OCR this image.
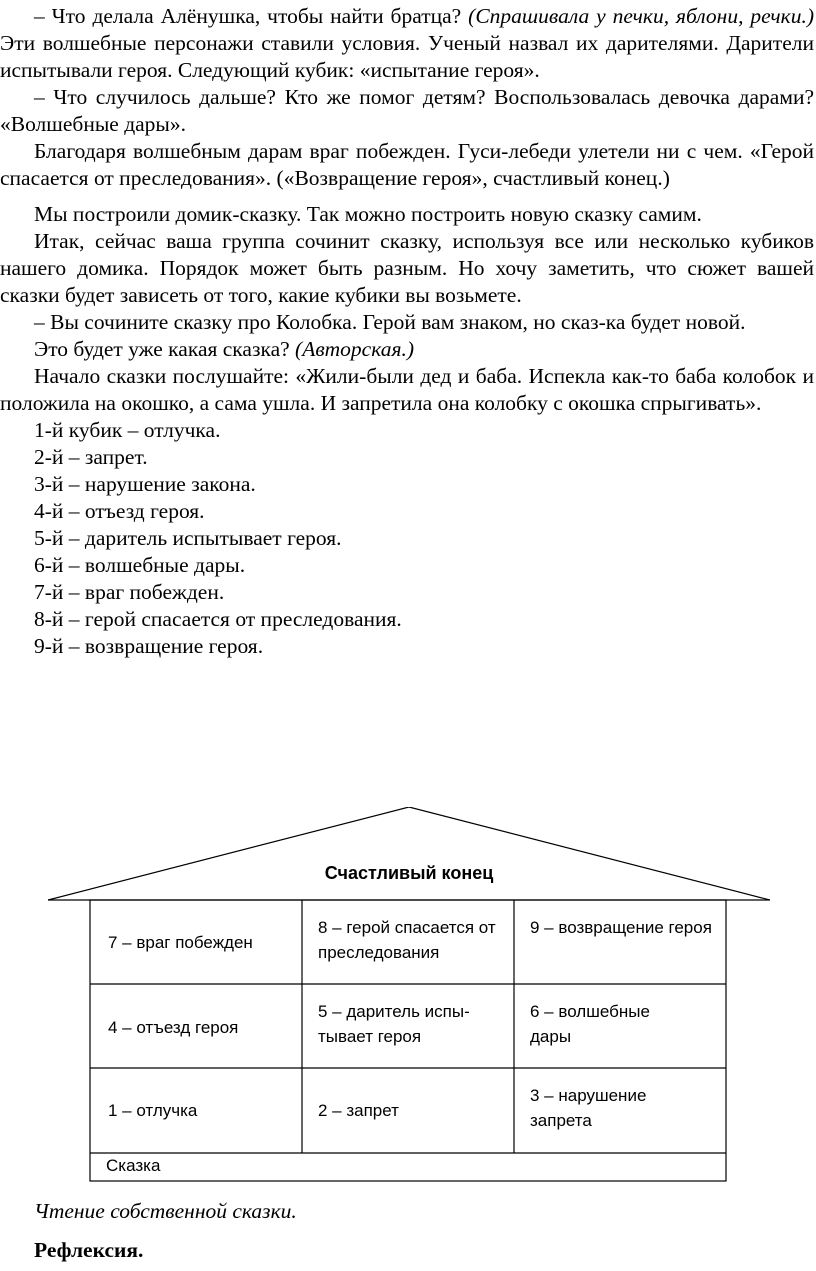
– Что делала Алёнушка, чтобы найти братца? (Спрашивала у печки, яблони, речки.) Эти волшебные персонажи ставили условия. Ученый назвал их дарителями. Дарители испытывали героя. Следующий кубик: «испытание героя».

– Что случилось дальше? Кто же помог детям? Воспользовалась девочка дарами? «Волшебные дары».

Благодаря волшебным дарам враг побежден. Гуси-лебеди улетели ни с чем. «Герой спасается от преследования». («Возвращение героя», счастливый конец.)

Мы построили домик-сказку. Так можно построить новую сказку самим.

Итак, сейчас ваша группа сочинит сказку, используя все или несколько кубиков нашего домика. Порядок может быть разным. Но хочу заметить, что сюжет вашей сказки будет зависеть от того, какие кубики вы возьмете.

– Вы сочините сказку про Колобка. Герой вам знаком, но сказ-ка будет новой.

Это будет уже какая сказка? (Авторская.)

Начало сказки послушайте: «Жили-были дед и баба. Испекла как-то баба колобок и положила на окошко, а сама ушла. И запретила она колобку с окошка спрыгивать».

1-й кубик – отлучка.

2-й – запрет.

3-й – нарушение закона.

4-й – отъезд героя.

5-й – даритель испытывает героя.

6-й – волшебные дары.

7-й – враг побежден.

8-й – герой спасается от преследования.

9-й – возвращение героя.

Счастливый конец
7 – враг побежден
8 – герой спасается от преследования
9 – возвращение героя
4 – отъезд героя
5 – даритель испы-тывает героя
6 – волшебные дары
1 – отлучка	2 – запрет
3 – нарушение запрета
Сказка
Чтение собственной сказки.
Рефлексия.
